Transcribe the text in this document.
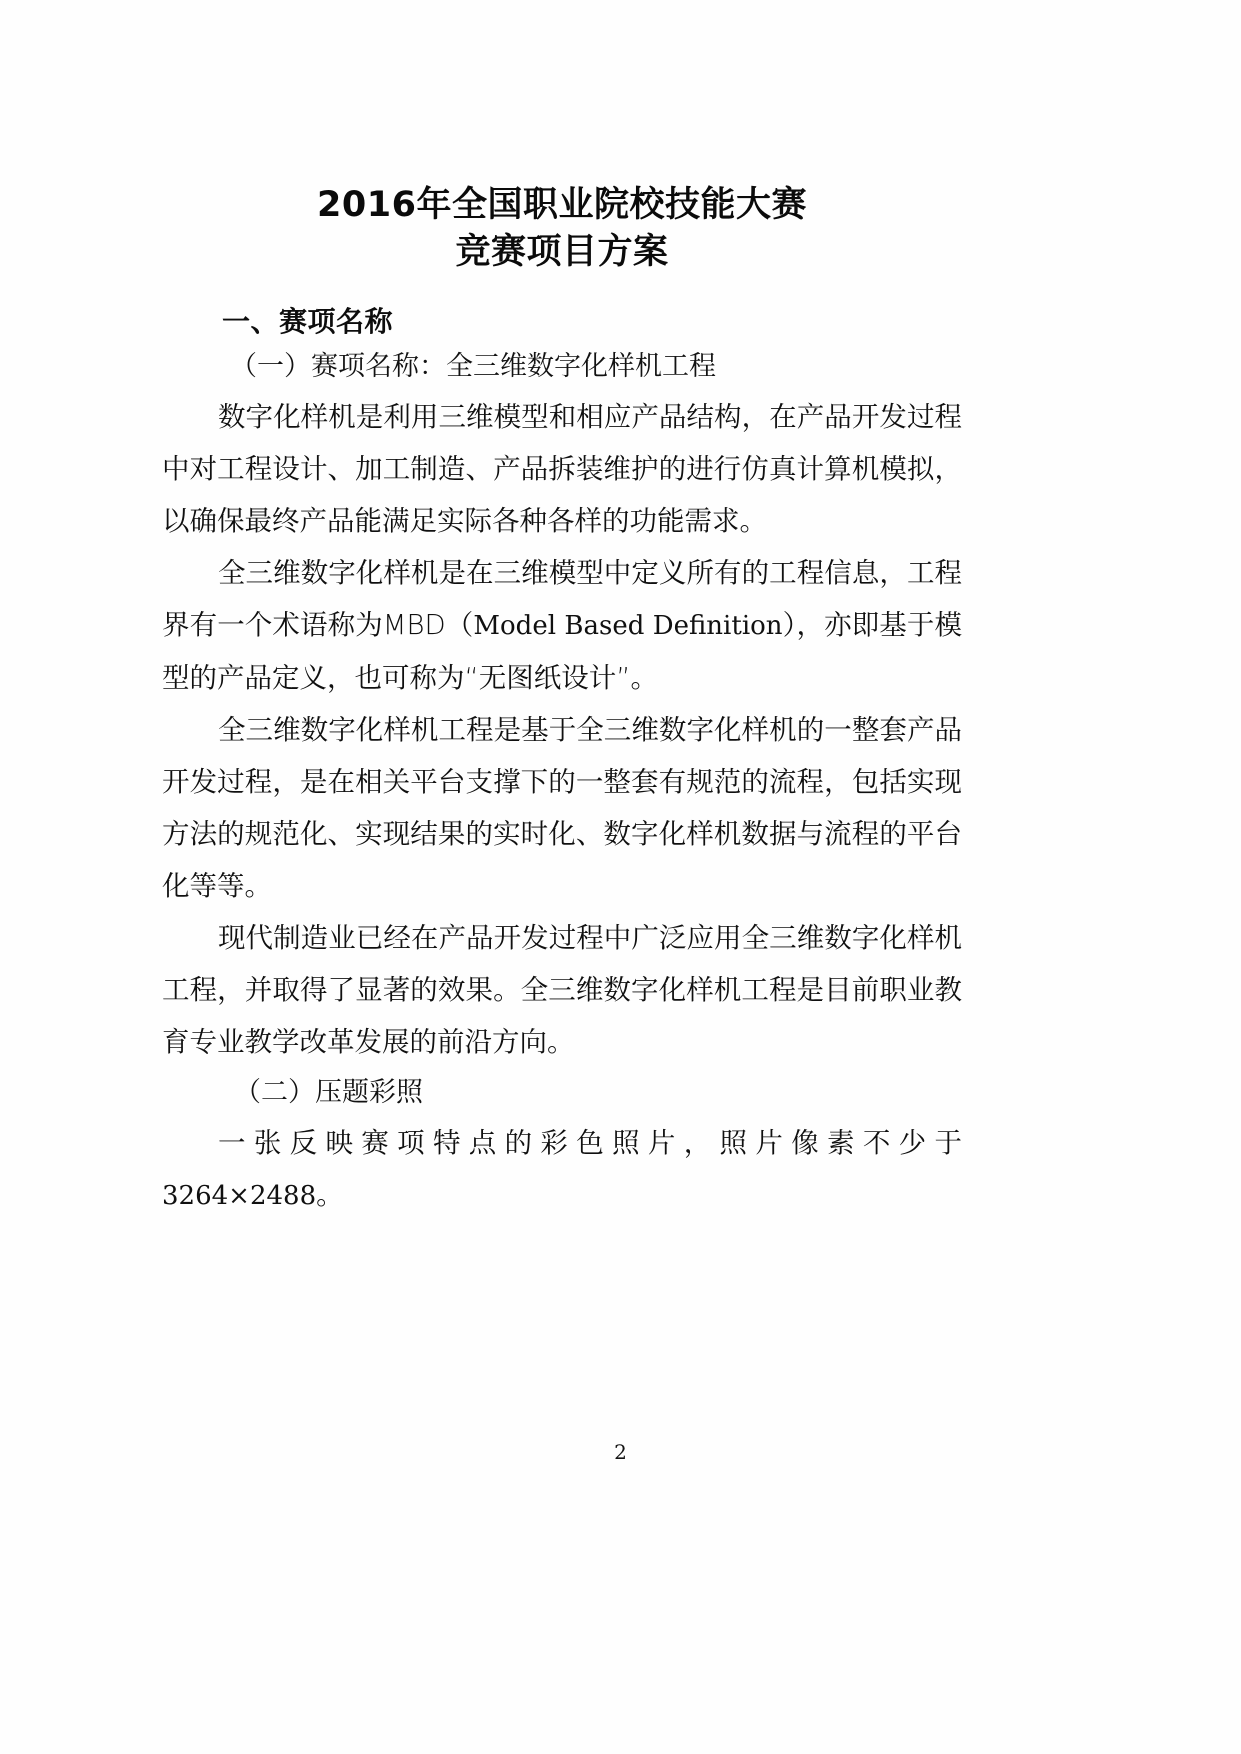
2016年全国职业院校技能大赛
竞赛项目方案
一、赛项名称
（一）赛项名称：全三维数字化样机工程
数字化样机是利用三维模型和相应产品结构，在产品开发过程中对工程设计、加工制造、产品拆装维护的进行仿真计算机模拟，以确保最终产品能满足实际各种各样的功能需求。
全三维数字化样机是在三维模型中定义所有的工程信息，工程界有一个术语称为MBD（Model Based Definition），亦即基于模型的产品定义，也可称为“无图纸设计”。
全三维数字化样机工程是基于全三维数字化样机的一整套产品开发过程，是在相关平台支撑下的一整套有规范的流程，包括实现方法的规范化、实现结果的实时化、数字化样机数据与流程的平台化等等。
现代制造业已经在产品开发过程中广泛应用全三维数字化样机工程，并取得了显著的效果。全三维数字化样机工程是目前职业教育专业教学改革发展的前沿方向。
（二）压题彩照
一张反映赛项特点的彩色照片，照片像素不少于
3264×2488。
2
